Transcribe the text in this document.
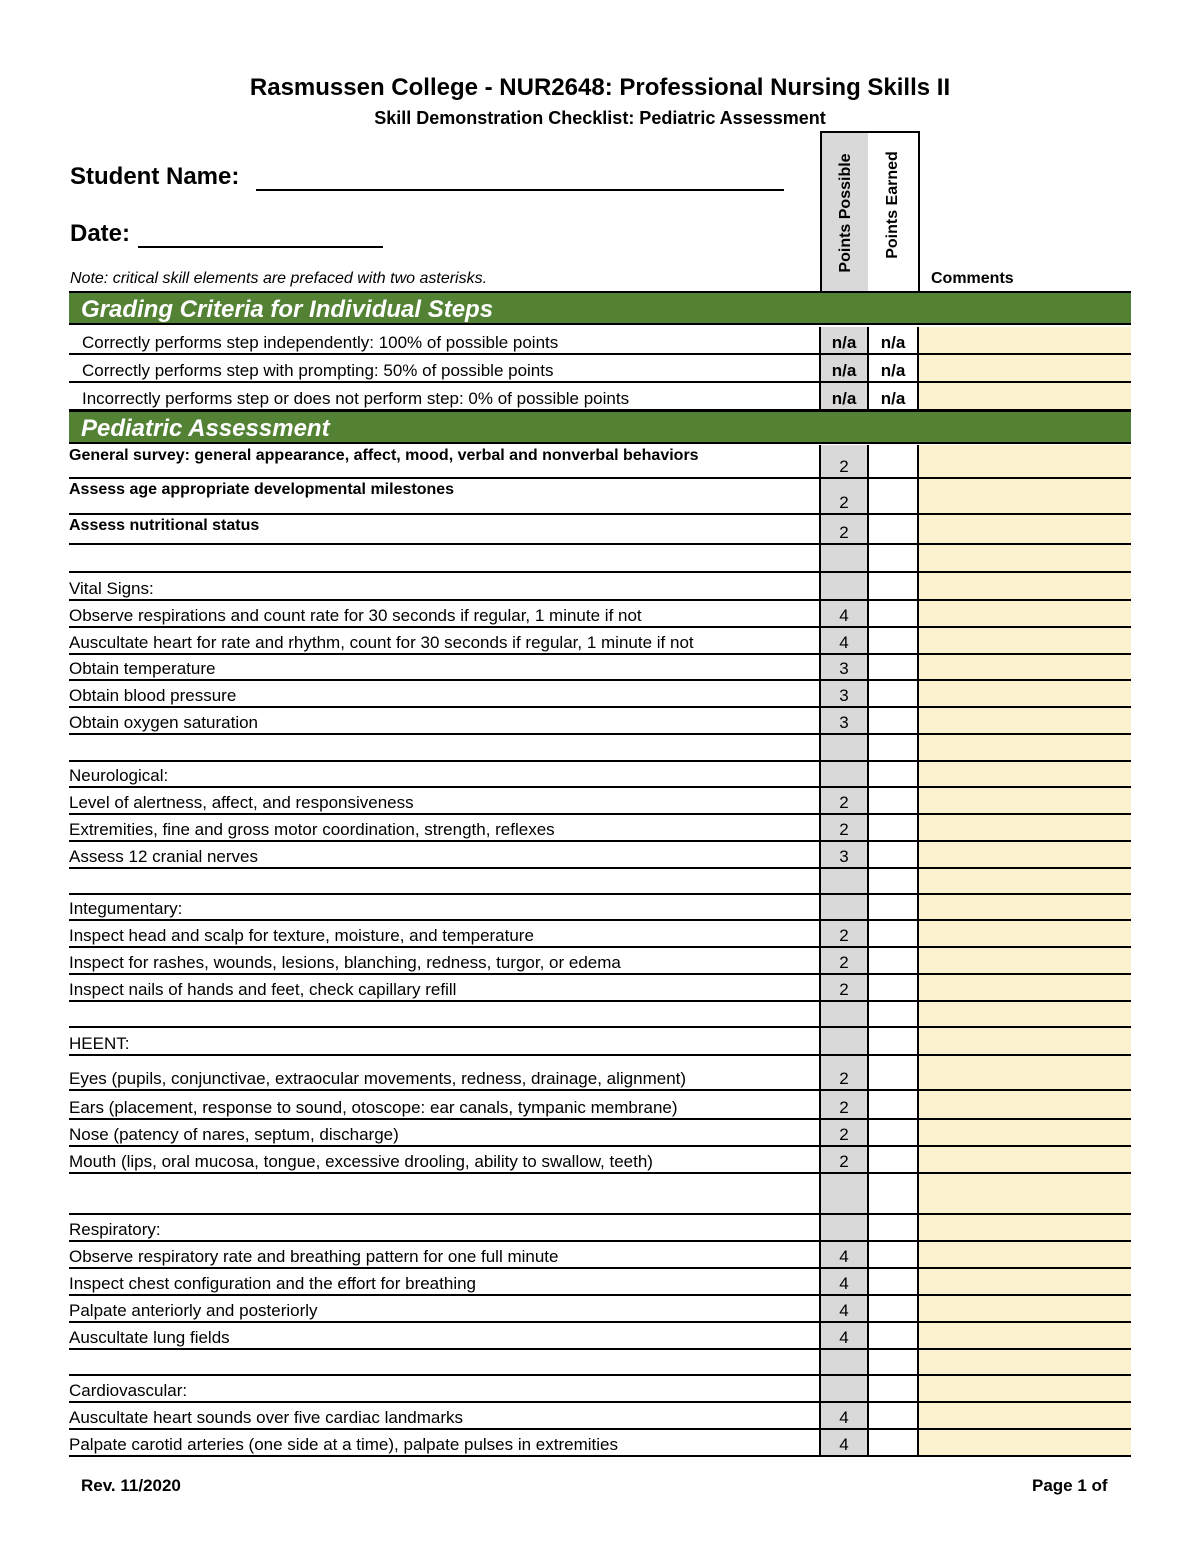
Rasmussen College - NUR2648: Professional Nursing Skills II
Skill Demonstration Checklist: Pediatric Assessment
Student Name:
Date:
Note: critical skill elements are prefaced with two asterisks.
Points Possible Points Earned
Comments
Grading Criteria for Individual Steps
Correctly performs step independently: 100% of possible points	n/a	n/a	
Correctly performs step with prompting: 50% of possible points	n/a	n/a	
Incorrectly performs step or does not perform step: 0% of possible points	n/a	n/a	
Pediatric Assessment
General survey: general appearance, affect, mood, verbal and nonverbal behaviors	2		
Assess age appropriate developmental milestones	2		
Assess nutritional status	2		

Vital Signs:			
Observe respirations and count rate for 30 seconds if regular, 1 minute if not	4		
Auscultate heart for rate and rhythm, count for 30 seconds if regular, 1 minute if not	4		
Obtain temperature	3		
Obtain blood pressure	3		
Obtain oxygen saturation	3		

Neurological:			
Level of alertness, affect, and responsiveness	2		
Extremities, fine and gross motor coordination, strength, reflexes	2		
Assess 12 cranial nerves	3		

Integumentary:			
Inspect head and scalp for texture, moisture, and temperature	2		
Inspect for rashes, wounds, lesions, blanching, redness, turgor, or edema	2		
Inspect nails of hands and feet, check capillary refill	2		

HEENT:			
Eyes (pupils, conjunctivae, extraocular movements, redness, drainage, alignment)	2		
Ears (placement, response to sound, otoscope: ear canals, tympanic membrane)	2		
Nose (patency of nares, septum, discharge)	2		
Mouth (lips, oral mucosa, tongue, excessive drooling, ability to swallow, teeth)	2		

Respiratory:			
Observe respiratory rate and breathing pattern for one full minute	4		
Inspect chest configuration and the effort for breathing	4		
Palpate anteriorly and posteriorly	4		
Auscultate lung fields	4		

Cardiovascular:			
Auscultate heart sounds over five cardiac landmarks	4		
Palpate carotid arteries (one side at a time), palpate pulses in extremities	4		
Rev. 11/2020	Page 1 of
